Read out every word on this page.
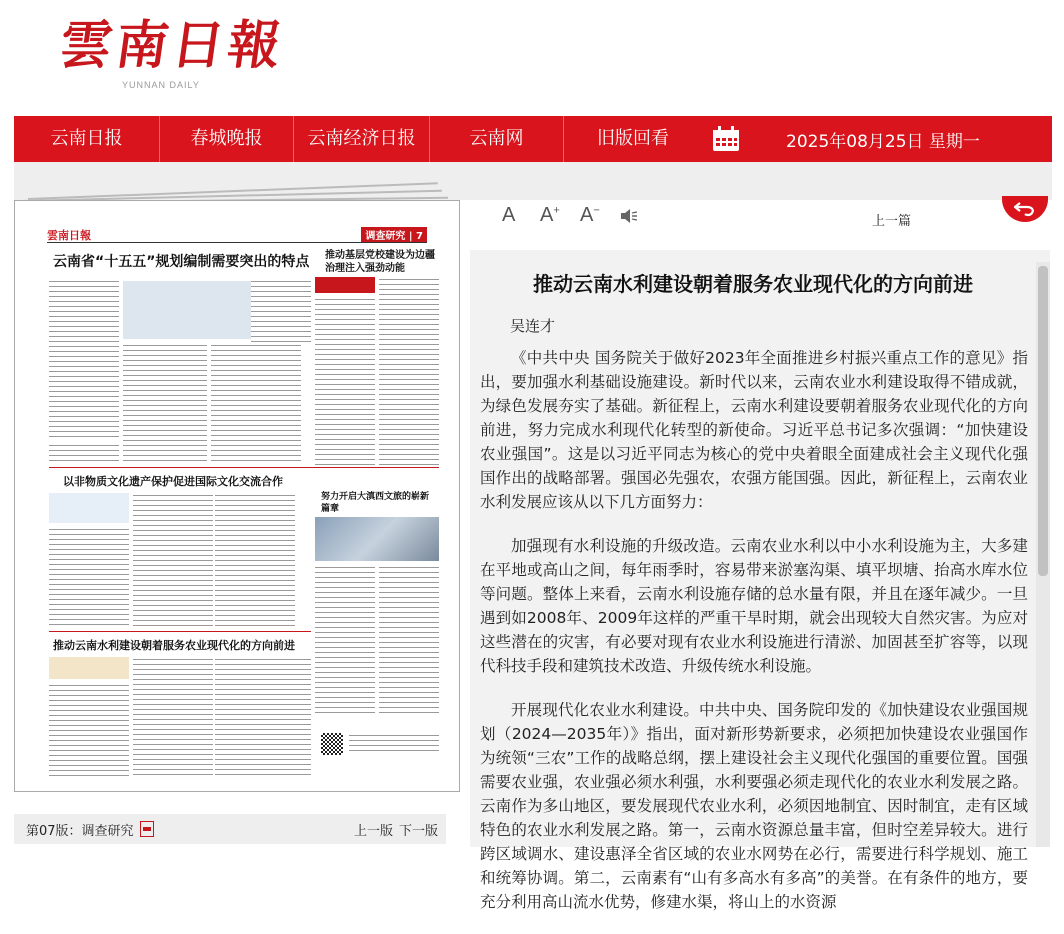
雲南日報
YUNNAN DAILY
云南日报	春城晚报	云南经济日报	云南网	旧版回看	2025年08月25日 星期一
雲南日報	调查研究 | 7
云南省“十五五”规划编制需要突出的特点 推动基层党校建设为边疆治理注入强劲动能
以非物质文化遗产保护促进国际文化交流合作
努力开启大滇西文旅的崭新篇章
推动云南水利建设朝着服务农业现代化的方向前进
第07版：调查研究	上一版 下一版
A A+ A−
上一篇
推动云南水利建设朝着服务农业现代化的方向前进
吴连才

《中共中央 国务院关于做好2023年全面推进乡村振兴重点工作的意见》指出，要加强水利基础设施建设。新时代以来，云南农业水利建设取得不错成就，为绿色发展夯实了基础。新征程上，云南水利建设要朝着服务农业现代化的方向前进，努力完成水利现代化转型的新使命。习近平总书记多次强调：“加快建设农业强国”。这是以习近平同志为核心的党中央着眼全面建成社会主义现代化强国作出的战略部署。强国必先强农，农强方能国强。因此，新征程上，云南农业水利发展应该从以下几方面努力：

加强现有水利设施的升级改造。云南农业水利以中小水利设施为主，大多建在平地或高山之间，每年雨季时，容易带来淤塞沟渠、填平坝塘、抬高水库水位等问题。整体上来看，云南水利设施存储的总水量有限，并且在逐年减少。一旦遇到如2008年、2009年这样的严重干旱时期，就会出现较大自然灾害。为应对这些潜在的灾害，有必要对现有农业水利设施进行清淤、加固甚至扩容等，以现代科技手段和建筑技术改造、升级传统水利设施。

开展现代化农业水利建设。中共中央、国务院印发的《加快建设农业强国规划（2024—2035年）》指出，面对新形势新要求，必须把加快建设农业强国作为统领“三农”工作的战略总纲，摆上建设社会主义现代化强国的重要位置。国强需要农业强，农业强必须水利强，水利要强必须走现代化的农业水利发展之路。云南作为多山地区，要发展现代农业水利，必须因地制宜、因时制宜，走有区域特色的农业水利发展之路。第一，云南水资源总量丰富，但时空差异较大。进行跨区域调水、建设惠泽全省区域的农业水网势在必行，需要进行科学规划、施工和统筹协调。第二，云南素有“山有多高水有多高”的美誉。在有条件的地方，要充分利用高山流水优势，修建水渠，将山上的水资源
